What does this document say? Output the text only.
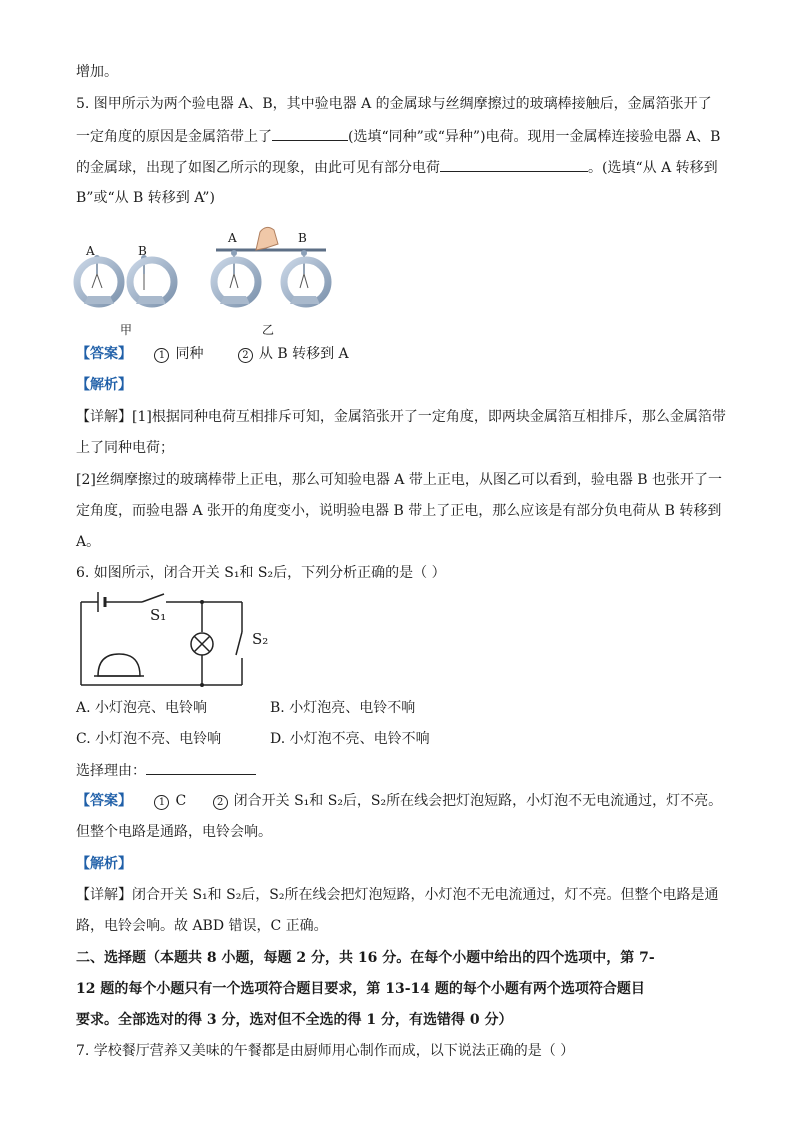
增加。
5. 图甲所示为两个验电器 A、B，其中验电器 A 的金属球与丝绸摩擦过的玻璃棒接触后，金属箔张开了
一定角度的原因是金属箔带上了	(选填“同种”或“异种”)电荷。现用一金属棒连接验电器 A、B
的金属球，出现了如图乙所示的现象，由此可见有部分电荷	。(选填“从 A 转移到
B”或“从 B 转移到 A”)
A	B
A	B
甲	乙
【答案】	1 同种	2 从 B 转移到 A
【解析】
【详解】[1]根据同种电荷互相排斥可知，金属箔张开了一定角度，即两块金属箔互相排斥，那么金属箔带
上了同种电荷；
[2]丝绸摩擦过的玻璃棒带上正电，那么可知验电器 A 带上正电，从图乙可以看到，验电器 B 也张开了一
定角度，而验电器 A 张开的角度变小，说明验电器 B 带上了正电，那么应该是有部分负电荷从 B 转移到
A。
6. 如图所示，闭合开关 S₁和 S₂后，下列分析正确的是（ ）
S₁
S₂
A. 小灯泡亮、电铃响	B. 小灯泡亮、电铃不响
C. 小灯泡不亮、电铃响	D. 小灯泡不亮、电铃不响
选择理由：
【答案】	1 C	2 闭合开关 S₁和 S₂后，S₂所在线会把灯泡短路，小灯泡不无电流通过，灯不亮。
但整个电路是通路，电铃会响。
【解析】
【详解】闭合开关 S₁和 S₂后，S₂所在线会把灯泡短路，小灯泡不无电流通过，灯不亮。但整个电路是通
路，电铃会响。故 ABD 错误，C 正确。
二、选择题（本题共 8 小题，每题 2 分，共 16 分。在每个小题中给出的四个选项中，第 7-
12 题的每个小题只有一个选项符合题目要求，第 13-14 题的每个小题有两个选项符合题目
要求。全部选对的得 3 分，选对但不全选的得 1 分，有选错得 0 分）
7. 学校餐厅营养又美味的午餐都是由厨师用心制作而成，以下说法正确的是（ ）
